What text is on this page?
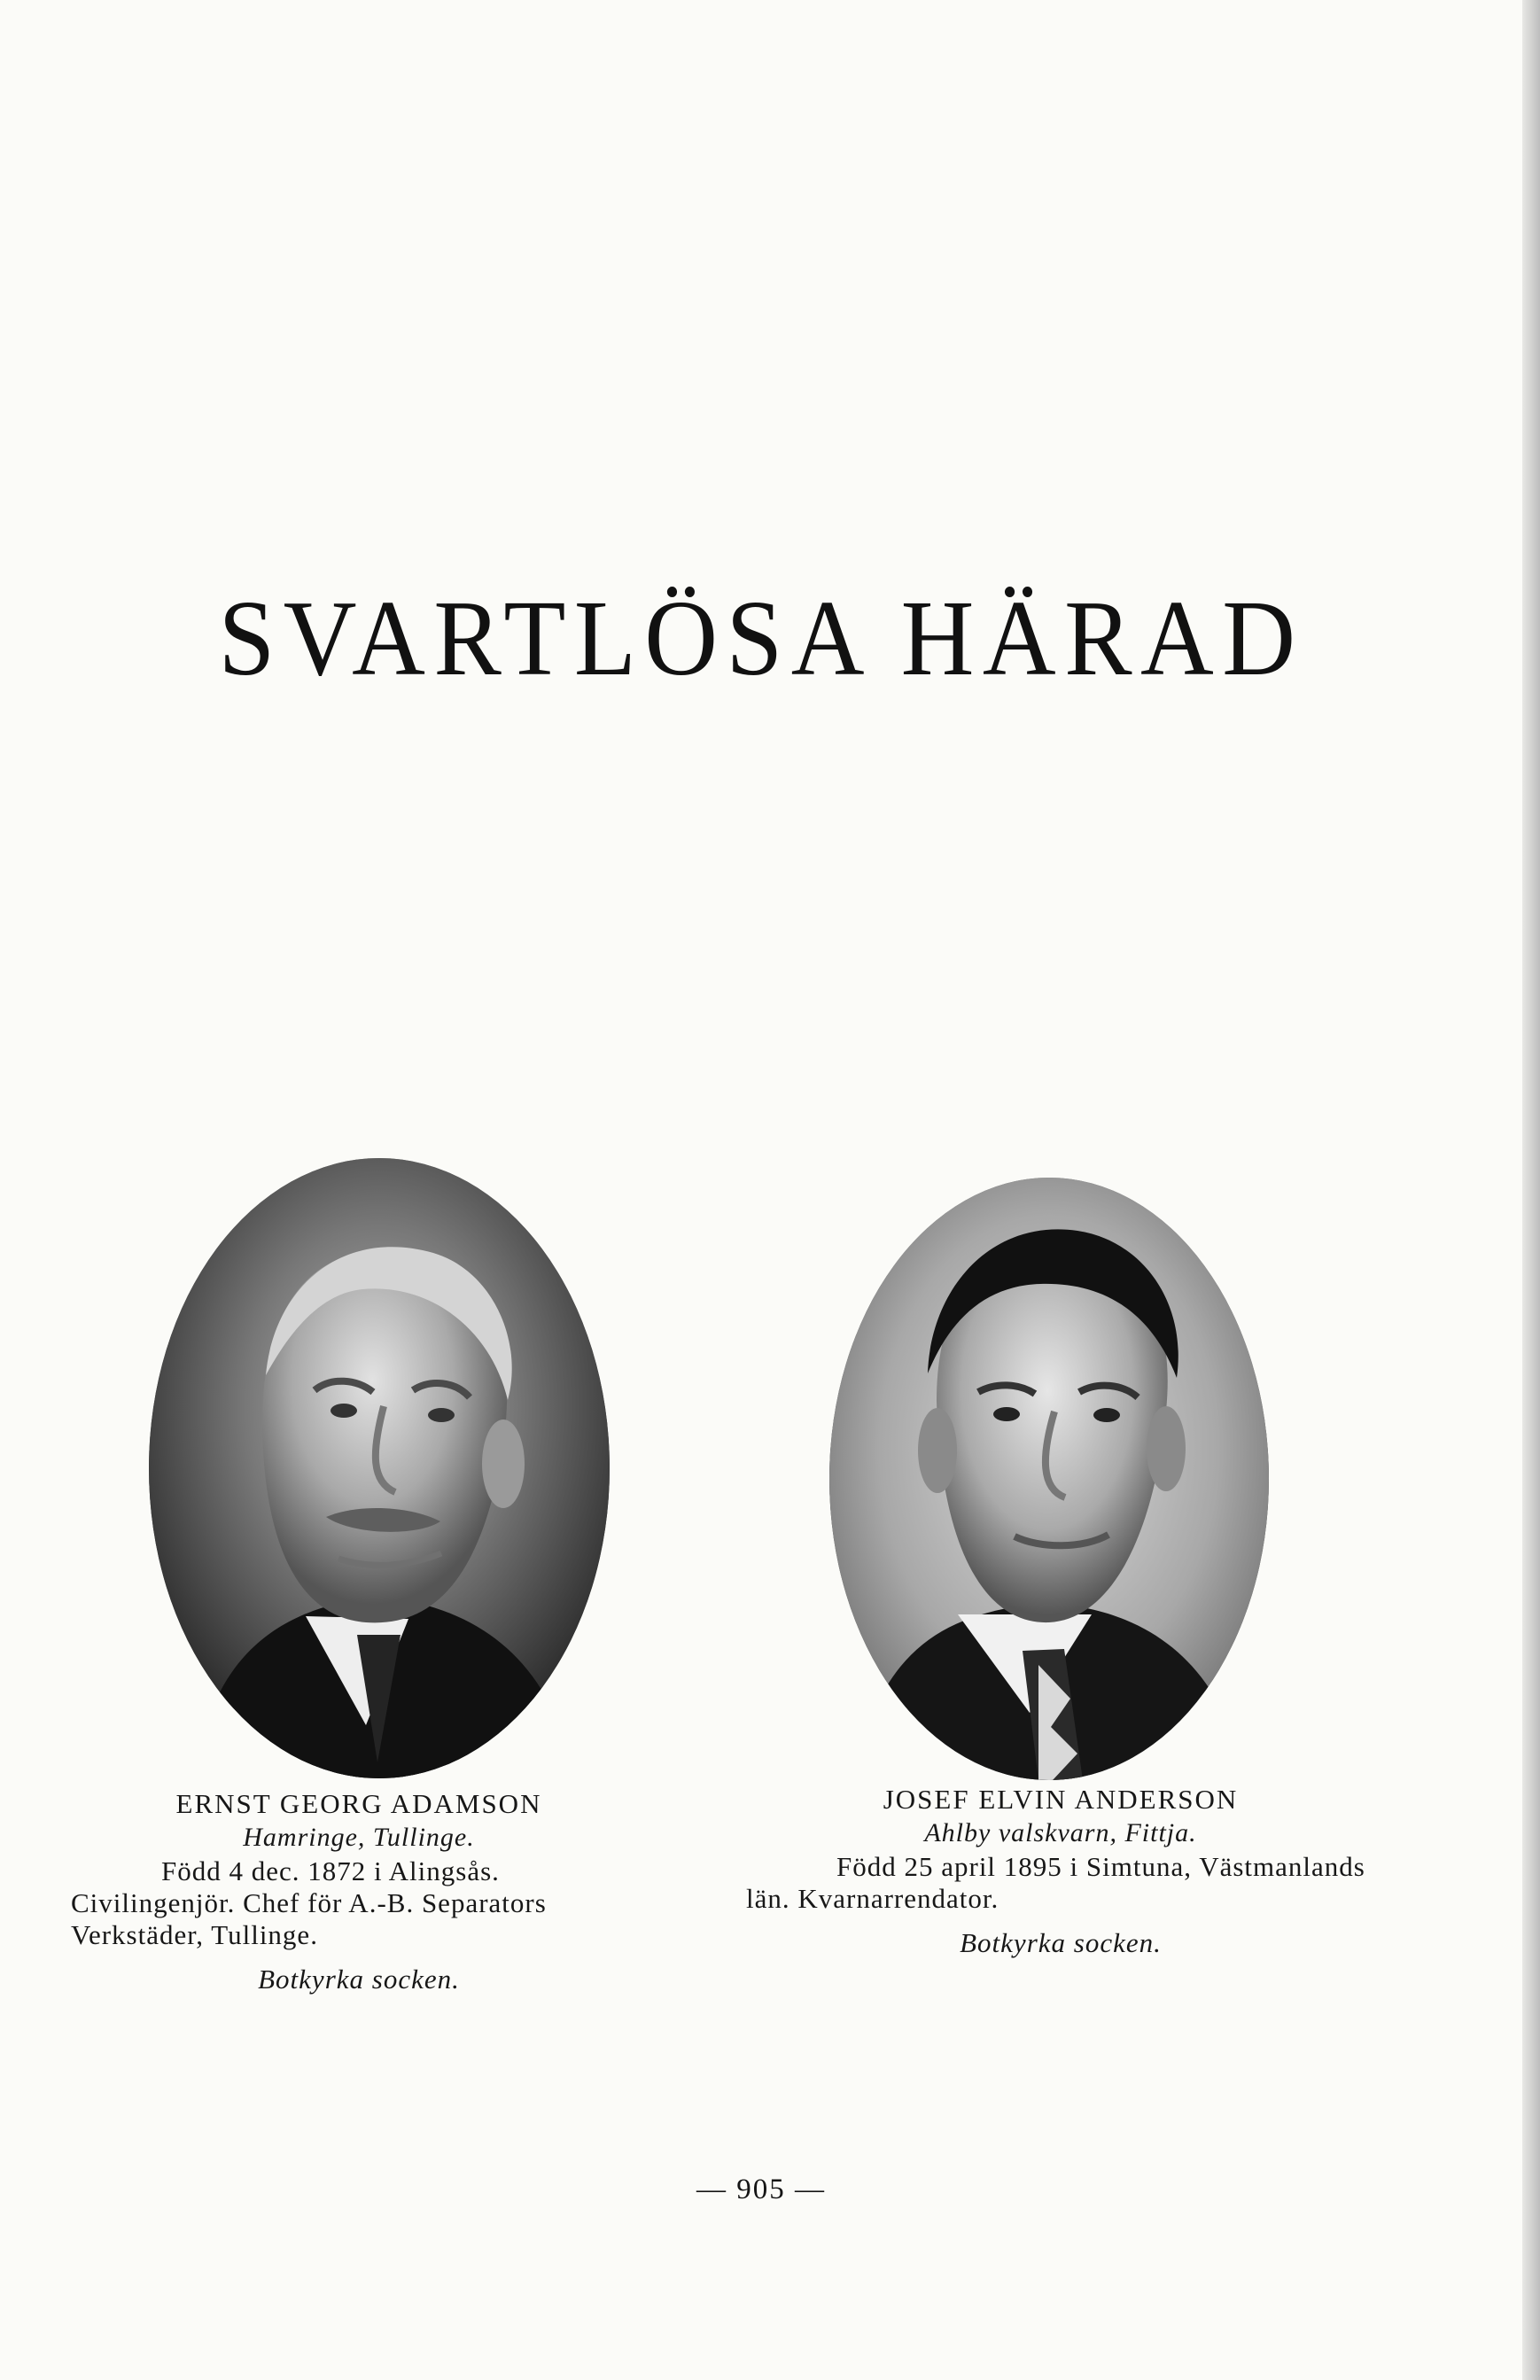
SVARTLÖSA HÄRAD
ERNST GEORG ADAMSON
Hamringe, Tullinge.
Född 4 dec. 1872 i Alingsås. Civilingenjör. Chef för A.-B. Separators Verkstäder, Tullinge.
Botkyrka socken.
JOSEF ELVIN ANDERSON
Ahlby valskvarn, Fittja.
Född 25 april 1895 i Simtuna, Västmanlands län. Kvarnarrendator.
Botkyrka socken.
— 905 —
